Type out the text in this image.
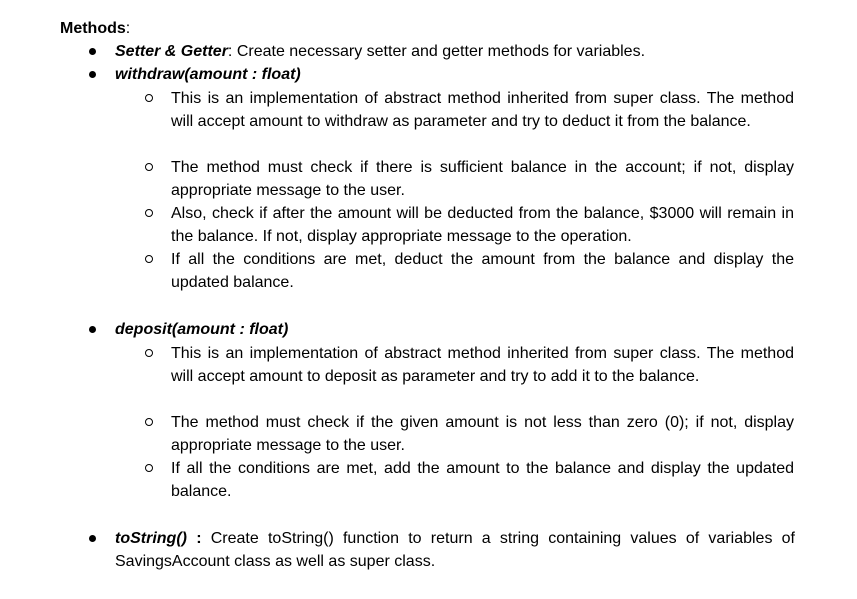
Methods:
Setter & Getter: Create necessary setter and getter methods for variables.
withdraw(amount : float)
This is an implementation of abstract method inherited from super class. The method will accept amount to withdraw as parameter and try to deduct it from the balance.
The method must check if there is sufficient balance in the account; if not, display appropriate message to the user.
Also, check if after the amount will be deducted from the balance, $3000 will remain in the balance. If not, display appropriate message to the operation.
If all the conditions are met, deduct the amount from the balance and display the updated balance.
deposit(amount : float)
This is an implementation of abstract method inherited from super class. The method will accept amount to deposit as parameter and try to add it to the balance.
The method must check if the given amount is not less than zero (0); if not, display appropriate message to the user.
If all the conditions are met, add the amount to the balance and display the updated balance.
toString() : Create toString() function to return a string containing values of variables of SavingsAccount class as well as super class.
